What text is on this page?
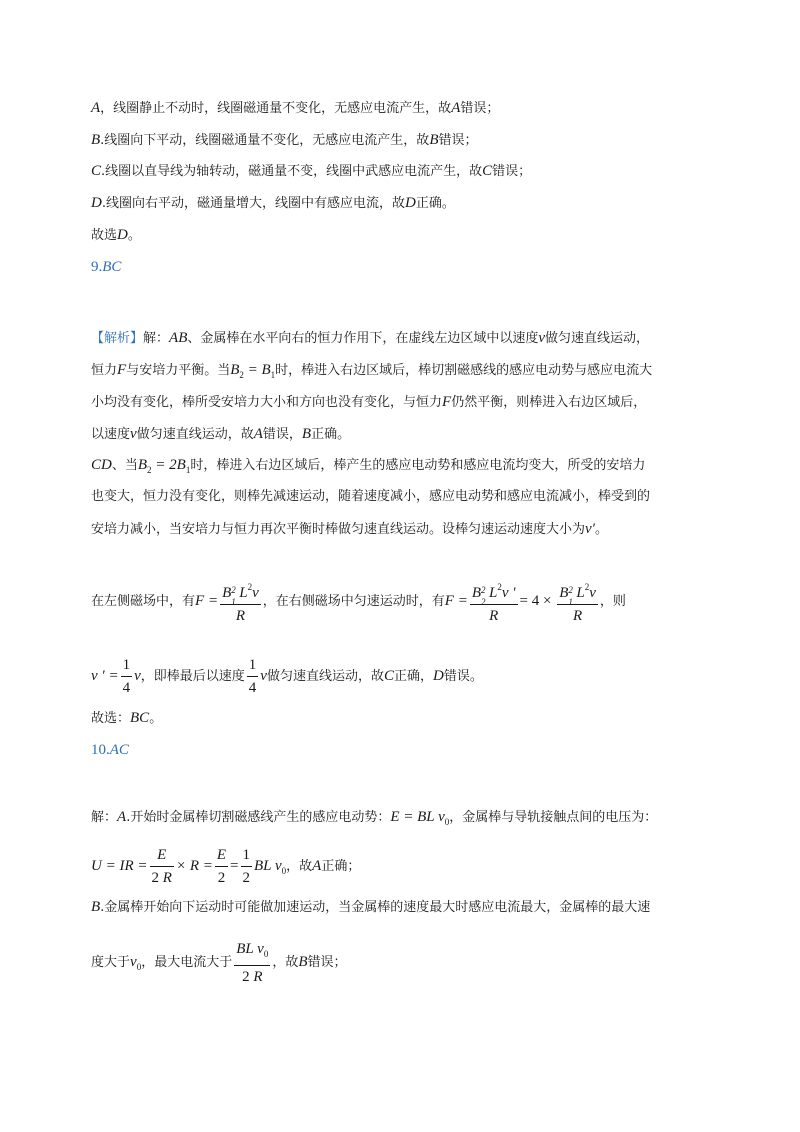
A，线圈静止不动时，线圈磁通量不变化，无感应电流产生，故A错误；
B.线圈向下平动，线圈磁通量不变化，无感应电流产生，故B错误；
C.线圈以直导线为轴转动，磁通量不变，线圈中武感应电流产生，故C错误；
D.线圈向右平动，磁通量增大，线圈中有感应电流，故D正确。
故选D。
9.BC
【解析】解：AB、金属棒在水平向右的恒力作用下，在虚线左边区域中以速度v做匀速直线运动，
恒力F与安培力平衡。当$B_2 = B_1$时，棒进入右边区域后，棒切割磁感线的感应电动势与感应电流大
小均没有变化，棒所受安培力大小和方向也没有变化，与恒力F仍然平衡，则棒进入右边区域后，
以速度v做匀速直线运动，故A错误，B正确。
CD、当$B_2 = 2B_1$时，棒进入右边区域后，棒产生的感应电动势和感应电流均变大，所受的安培力
也变大，恒力没有变化，则棒先减速运动，随着速度减小，感应电动势和感应电流减小，棒受到的
安培力减小，当安培力与恒力再次平衡时棒做匀速直线运动。设棒匀速运动速度大小为v′。
在左侧磁场中，有F = B 2
1
$L^2v$
R ，在右侧磁场中匀速运动时，有F = B 2
2
$L^2v$ ′
R = 4 × B 2
1
$L^2v$
R ，则
v ′ = $\frac{1}{4}$ v，即棒最后以速度 $\frac{1}{4}$ v做匀速直线运动，故C正确，D错误。
故选：BC。
10.AC
解：A.开始时金属棒切割磁感线产生的感应电动势：E = BL $v_0$，金属棒与导轨接触点间的电压为：
U = IR = $\frac{E}{2 R} \times R = \frac{E}{2} = \frac{1}{2}$ BL $v_0$，故A正确；
B.金属棒开始向下运动时可能做加速运动，当金属棒的速度最大时感应电流最大，金属棒的最大速
度大于$v_0$，最大电流大于 $\frac{BL v_0}{2 R}$ ，故B错误；
